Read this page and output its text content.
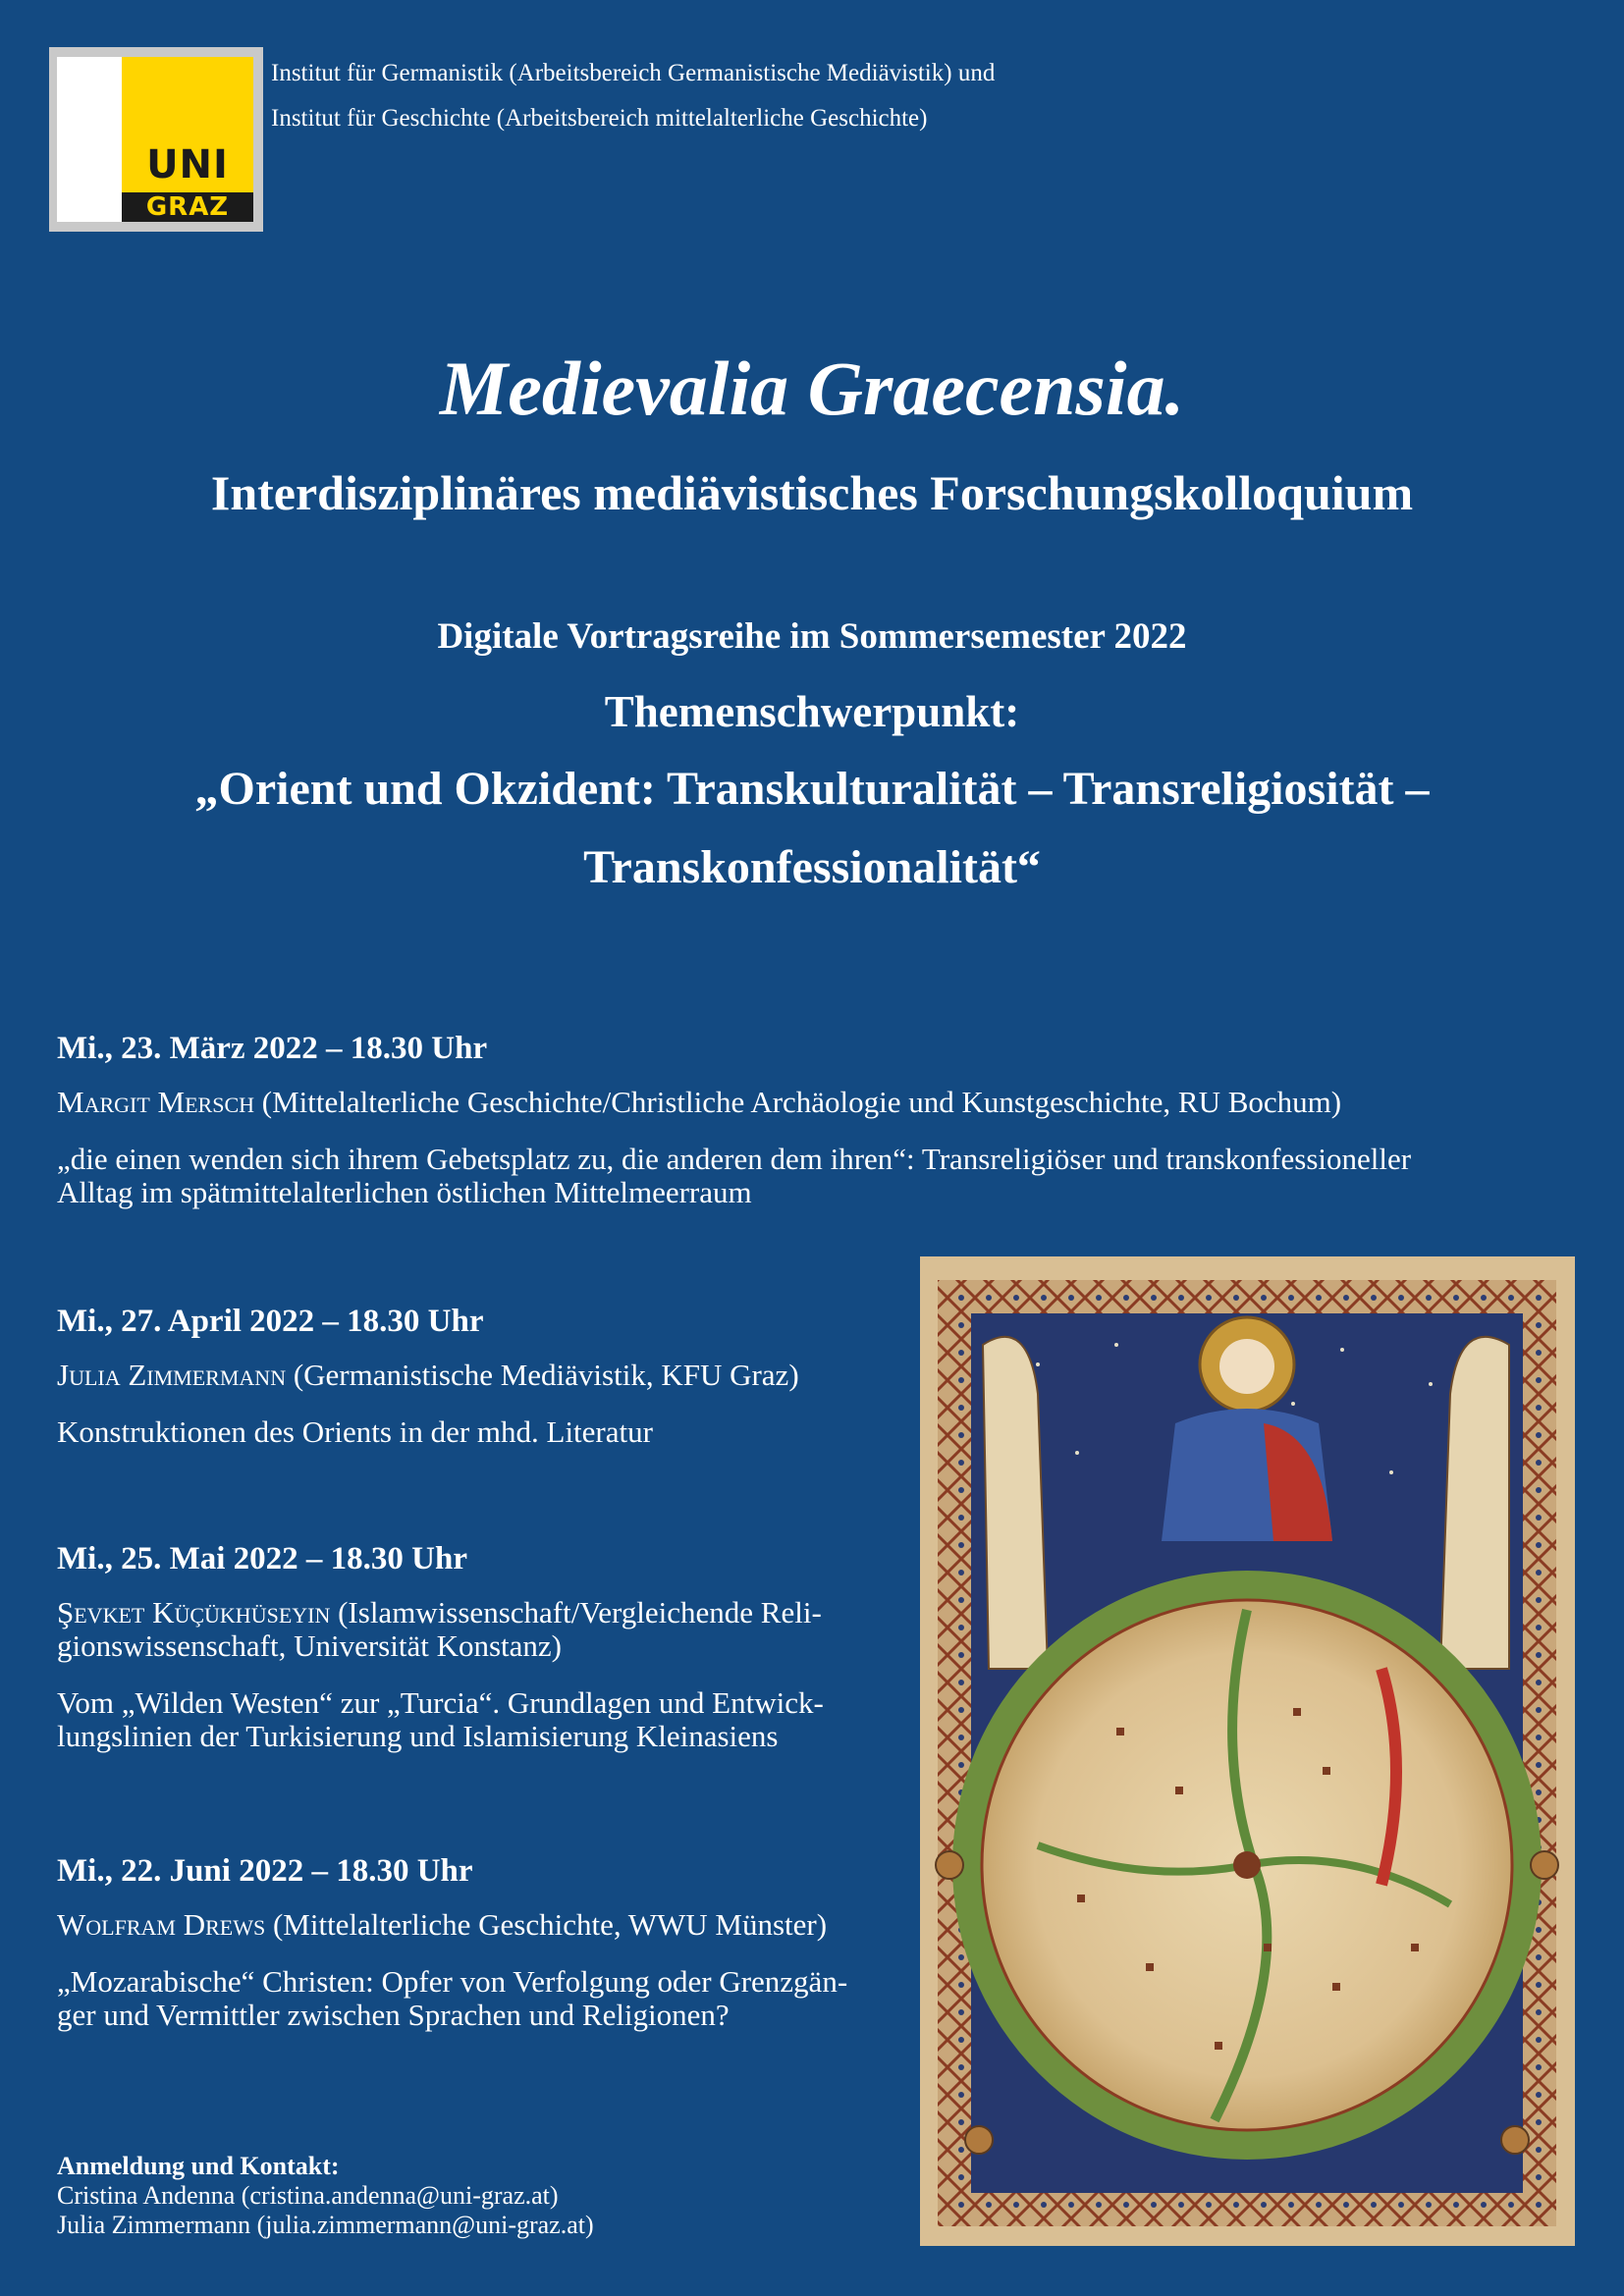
UNI
GRAZ
Institut für Germanistik (Arbeitsbereich Germanistische Mediävistik) und
Institut für Geschichte (Arbeitsbereich mittelalterliche Geschichte)
Medievalia Graecensia.
Interdisziplinäres mediävistisches Forschungskolloquium
Digitale Vortragsreihe im Sommersemester 2022
Themenschwerpunkt:
„Orient und Okzident: Transkulturalität – Transreligiosität –
Transkonfessionalität“
Mi., 23. März 2022 – 18.30 Uhr
Margit Mersch (Mittelalterliche Geschichte/Christliche Archäologie und Kunstgeschichte, RU Bochum)
„die einen wenden sich ihrem Gebetsplatz zu, die anderen dem ihren“: Transreligiöser und transkonfessioneller
Alltag im spätmittelalterlichen östlichen Mittelmeerraum
Mi., 27. April 2022 – 18.30 Uhr
Julia Zimmermann (Germanistische Mediävistik, KFU Graz)
Konstruktionen des Orients in der mhd. Literatur
Mi., 25. Mai 2022 – 18.30 Uhr
Şevket Küçükhüseyin (Islamwissenschaft/Vergleichende Reli-
gionswissenschaft, Universität Konstanz)
Vom „Wilden Westen“ zur „Turcia“. Grundlagen und Entwick-
lungslinien der Turkisierung und Islamisierung Kleinasiens
Mi., 22. Juni 2022 – 18.30 Uhr
Wolfram Drews (Mittelalterliche Geschichte, WWU Münster)
„Mozarabische“ Christen: Opfer von Verfolgung oder Grenzgän-
ger und Vermittler zwischen Sprachen und Religionen?
Anmeldung und Kontakt:
Cristina Andenna (cristina.andenna@uni-graz.at)
Julia Zimmermann (julia.zimmermann@uni-graz.at)
